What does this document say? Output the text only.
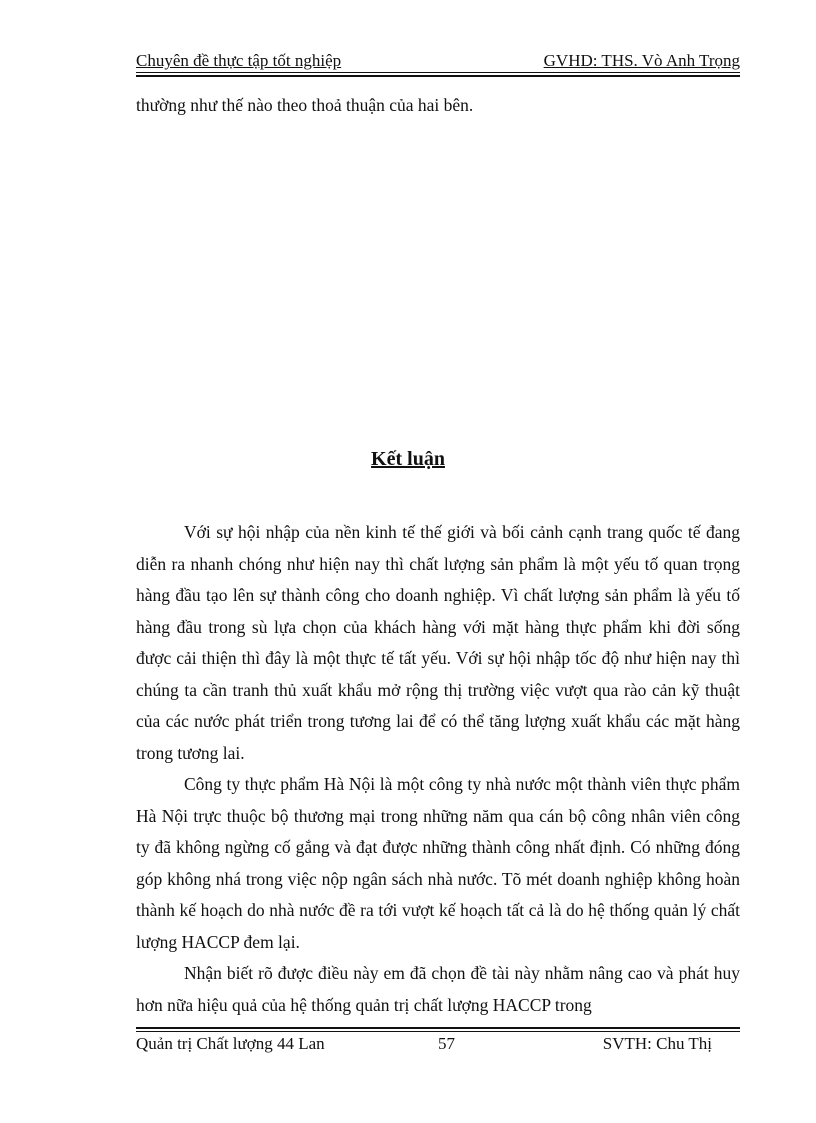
Chuyên đề thực tập tốt nghiệp	GVHD: THS. Vò Anh Trọng
thường như thế nào theo thoả thuận của hai bên.
Kết luận

Với sự hội nhập của nền kinh tế thế giới và bối cảnh cạnh trang quốc tế đang diễn ra nhanh chóng như hiện nay thì chất lượng sản phẩm là một yếu tố quan trọng hàng đầu tạo lên sự thành công cho doanh nghiệp. Vì chất lượng sản phẩm là yếu tố hàng đầu trong sù lựa chọn của khách hàng với mặt hàng thực phẩm khi đời sống được cải thiện thì đây là một thực tế tất yếu. Với sự hội nhập tốc độ như hiện nay thì chúng ta cần tranh thủ xuất khẩu mở rộng thị trường việc vượt qua rào cản kỹ thuật của các nước phát triển trong tương lai để có thể tăng lượng xuất khẩu các mặt hàng trong tương lai.

Công ty thực phẩm Hà Nội là một công ty nhà nước một thành viên thực phẩm Hà Nội trực thuộc bộ thương mại trong những năm qua cán bộ công nhân viên công ty đã không ngừng cố gắng và đạt được những thành công nhất định. Có những đóng góp không nhá trong việc nộp ngân sách nhà nước. Tõ mét doanh nghiệp không hoàn thành kế hoạch do nhà nước đề ra tới vượt kế hoạch tất cả là do hệ thống quản lý chất lượng HACCP đem lại.

Nhận biết rõ được điều này em đã chọn đề tài này nhằm nâng cao và phát huy hơn nữa hiệu quả của hệ thống quản trị chất lượng HACCP trong

Quản trị Chất lượng 44 Lan	57	SVTH: Chu Thị
